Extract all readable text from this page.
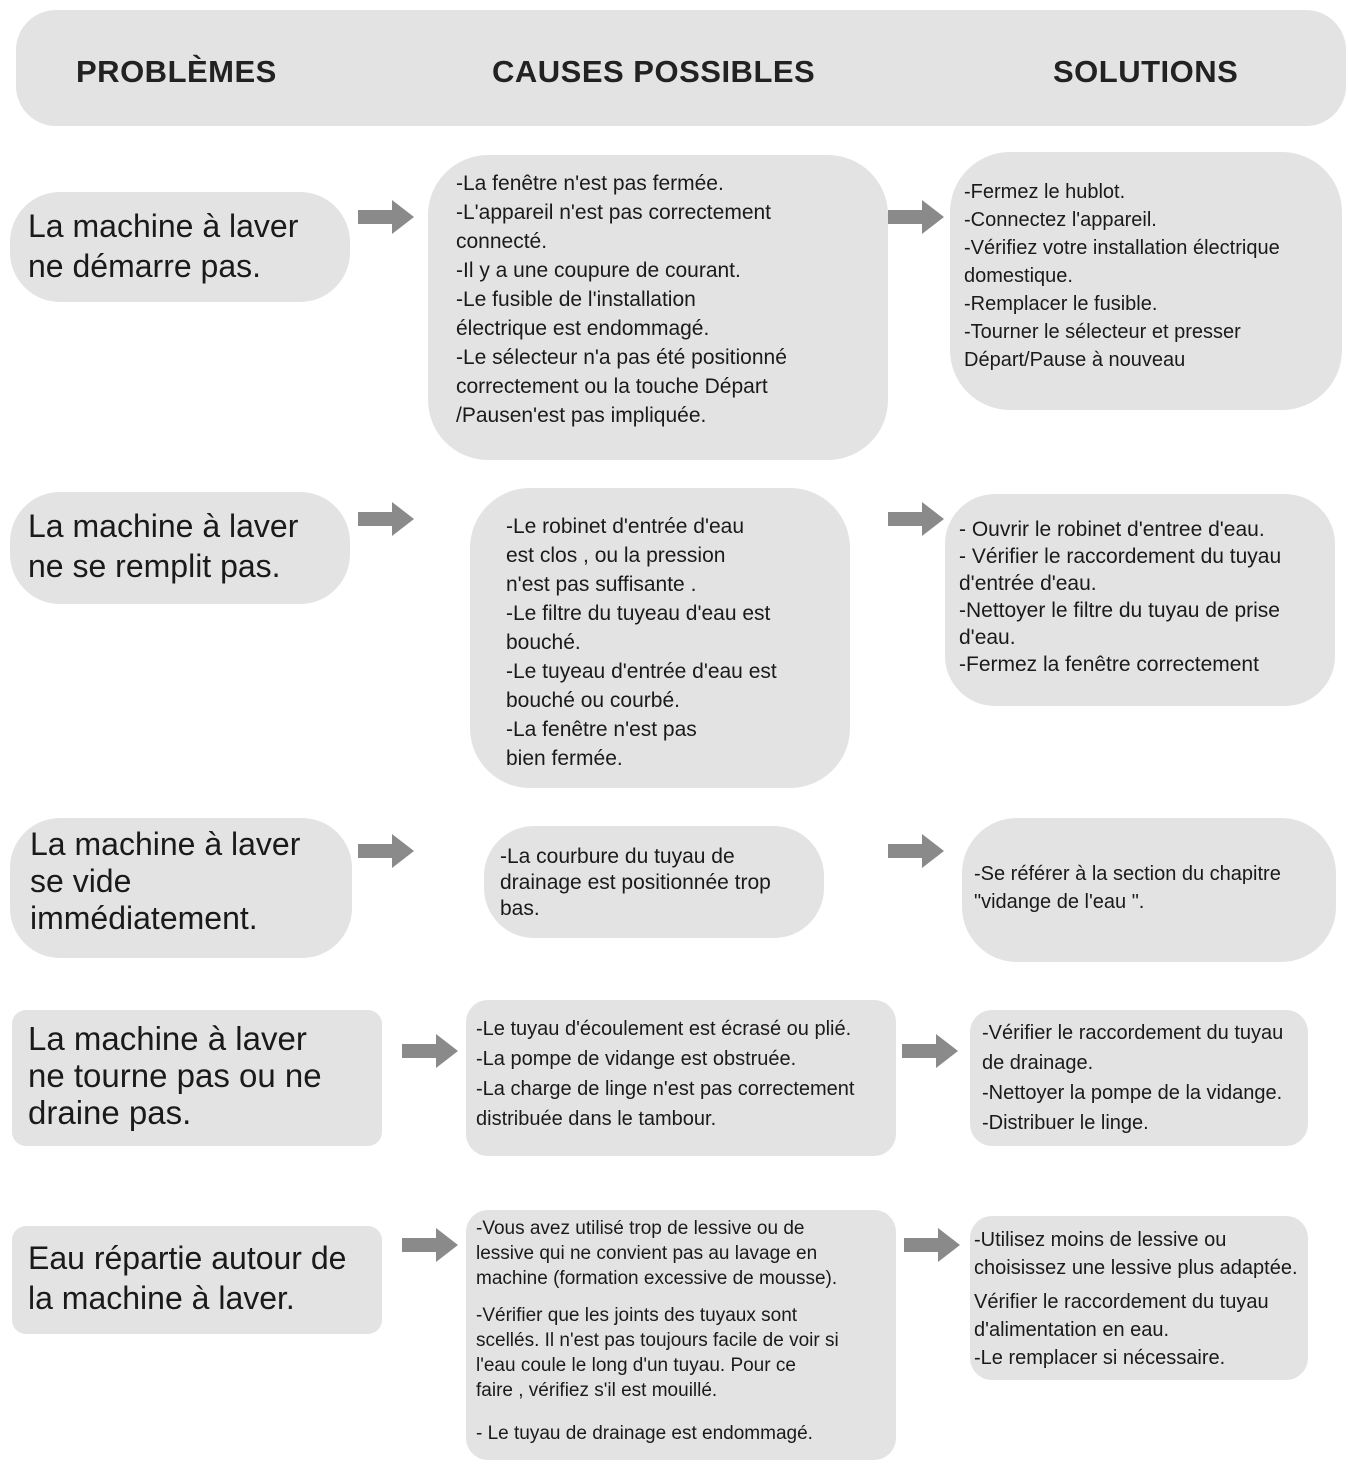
PROBLÈMES	CAUSES POSSIBLES	SOLUTIONS
La machine à laver
ne démarre pas.
-La fenêtre n'est pas fermée.
-L'appareil n'est pas correctement
connecté.
-Il y a une coupure de courant.
-Le fusible de l'installation
électrique est endommagé.
-Le sélecteur n'a pas été positionné
correctement ou la touche Départ
/Pausen'est pas impliquée.
-Fermez le hublot.
-Connectez l'appareil.
-Vérifiez votre installation électrique
domestique.
-Remplacer le fusible.
-Tourner le sélecteur et presser
Départ/Pause à nouveau
La machine à laver
ne se remplit pas.
-Le robinet d'entrée d'eau
est clos , ou la pression
n'est pas suffisante .
-Le filtre du tuyeau d'eau est
bouché.
-Le tuyeau d'entrée d'eau est
bouché ou courbé.
-La fenêtre n'est pas
bien fermée.
- Ouvrir le robinet d'entree d'eau.
- Vérifier le raccordement du tuyau
d'entrée d'eau.
-Nettoyer le filtre du tuyau de prise
d'eau.
-Fermez la fenêtre correctement
La machine à laver
se vide
immédiatement.
-La courbure du tuyau de
drainage est positionnée trop
bas.
-Se référer à la section du chapitre
"vidange de l'eau ".
La machine à laver
ne tourne pas ou ne
draine pas.
-Le tuyau d'écoulement est écrasé ou plié.
-La pompe de vidange est obstruée.
-La charge de linge n'est pas correctement
distribuée dans le tambour.
-Vérifier le raccordement du tuyau
de drainage.
-Nettoyer la pompe de la vidange.
-Distribuer le linge.
Eau répartie autour de
la machine à laver.
-Vous avez utilisé trop de lessive ou de
lessive qui ne convient pas au lavage en
machine (formation excessive de mousse).
-Vérifier que les joints des tuyaux sont
scellés. Il n'est pas toujours facile de voir si
l'eau coule le long d'un tuyau. Pour ce
faire , vérifiez s'il est mouillé.
- Le tuyau de drainage est endommagé.
-Utilisez moins de lessive ou
choisissez une lessive plus adaptée.
Vérifier le raccordement du tuyau
d'alimentation en eau.
-Le remplacer si nécessaire.
